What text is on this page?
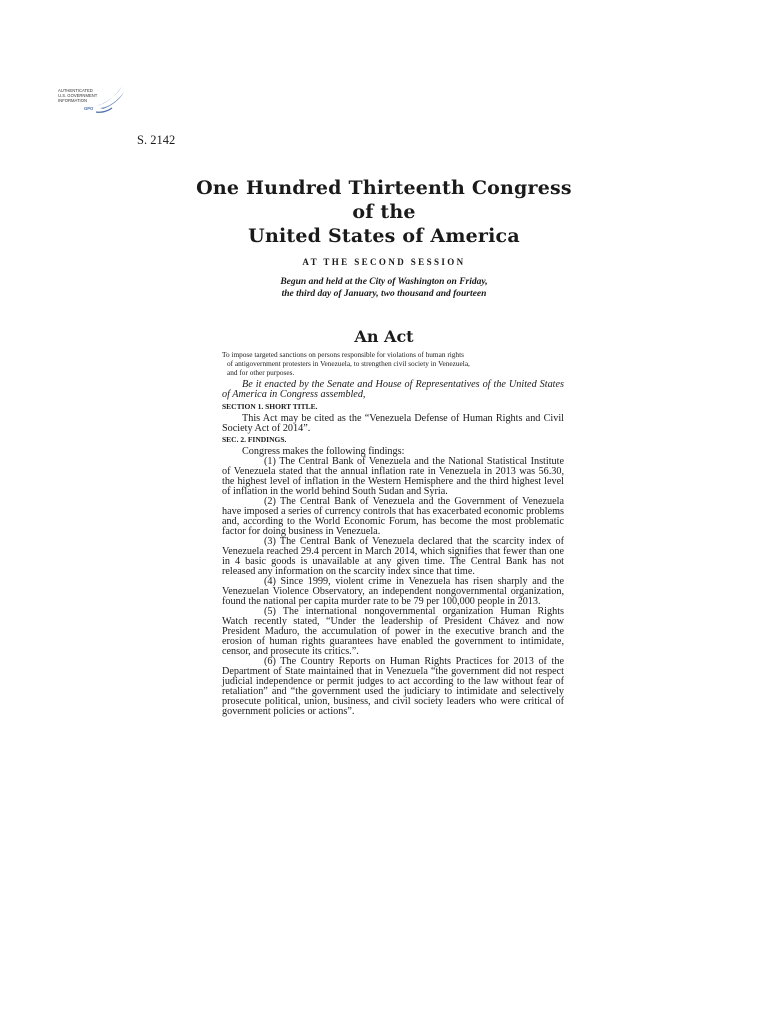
AUTHENTICATED
U.S. GOVERNMENT
INFORMATION
GPO
S. 2142
One Hundred Thirteenth Congress
of the
United States of America
AT THE SECOND SESSION
Begun and held at the City of Washington on Friday,
the third day of January, two thousand and fourteen
An Act
To impose targeted sanctions on persons responsible for violations of human rights
of antigovernment protesters in Venezuela, to strengthen civil society in Venezuela,
and for other purposes.

Be it enacted by the Senate and House of Representatives of the United States of America in Congress assembled,

SECTION 1. SHORT TITLE.

This Act may be cited as the “Venezuela Defense of Human Rights and Civil Society Act of 2014”.

SEC. 2. FINDINGS.

Congress makes the following findings:

(1) The Central Bank of Venezuela and the National Statistical Institute of Venezuela stated that the annual inflation rate in Venezuela in 2013 was 56.30, the highest level of inflation in the Western Hemisphere and the third highest level of inflation in the world behind South Sudan and Syria.

(2) The Central Bank of Venezuela and the Government of Venezuela have imposed a series of currency controls that has exacerbated economic problems and, according to the World Economic Forum, has become the most problematic factor for doing business in Venezuela.

(3) The Central Bank of Venezuela declared that the scarcity index of Venezuela reached 29.4 percent in March 2014, which signifies that fewer than one in 4 basic goods is unavailable at any given time. The Central Bank has not released any information on the scarcity index since that time.

(4) Since 1999, violent crime in Venezuela has risen sharply and the Venezuelan Violence Observatory, an independent nongovernmental organization, found the national per capita murder rate to be 79 per 100,000 people in 2013.

(5) The international nongovernmental organization Human Rights Watch recently stated, “Under the leadership of President Chávez and now President Maduro, the accumulation of power in the executive branch and the erosion of human rights guarantees have enabled the government to intimidate, censor, and prosecute its critics.”.

(6) The Country Reports on Human Rights Practices for 2013 of the Department of State maintained that in Venezuela “the government did not respect judicial independence or permit judges to act according to the law without fear of retaliation” and “the government used the judiciary to intimidate and selectively prosecute political, union, business, and civil society leaders who were critical of government policies or actions”.
